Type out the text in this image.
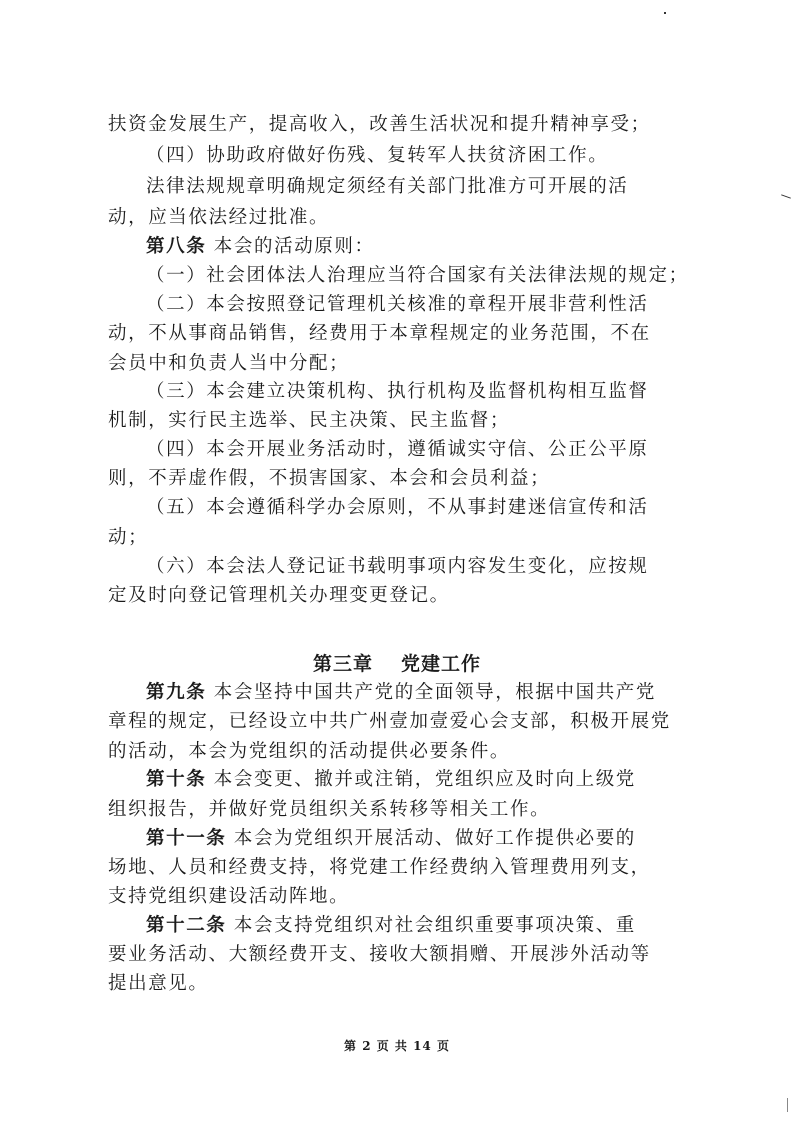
扶资金发展生产，提高收入，改善生活状况和提升精神享受；
（四）协助政府做好伤残、复转军人扶贫济困工作。
法律法规规章明确规定须经有关部门批准方可开展的活
动，应当依法经过批准。
第八条 本会的活动原则：
（一）社会团体法人治理应当符合国家有关法律法规的规定；
（二）本会按照登记管理机关核准的章程开展非营利性活
动，不从事商品销售，经费用于本章程规定的业务范围，不在
会员中和负责人当中分配；
（三）本会建立决策机构、执行机构及监督机构相互监督
机制，实行民主选举、民主决策、民主监督；
（四）本会开展业务活动时，遵循诚实守信、公正公平原
则，不弄虚作假，不损害国家、本会和会员利益；
（五）本会遵循科学办会原则，不从事封建迷信宣传和活
动；
（六）本会法人登记证书载明事项内容发生变化，应按规
定及时向登记管理机关办理变更登记。
第三章 党建工作
第九条 本会坚持中国共产党的全面领导，根据中国共产党
章程的规定，已经设立中共广州壹加壹爱心会支部，积极开展党
的活动，本会为党组织的活动提供必要条件。
第十条 本会变更、撤并或注销，党组织应及时向上级党
组织报告，并做好党员组织关系转移等相关工作。
第十一条 本会为党组织开展活动、做好工作提供必要的
场地、人员和经费支持，将党建工作经费纳入管理费用列支，
支持党组织建设活动阵地。
第十二条 本会支持党组织对社会组织重要事项决策、重
要业务活动、大额经费开支、接收大额捐赠、开展涉外活动等
提出意见。
第 2 页 共 14 页
